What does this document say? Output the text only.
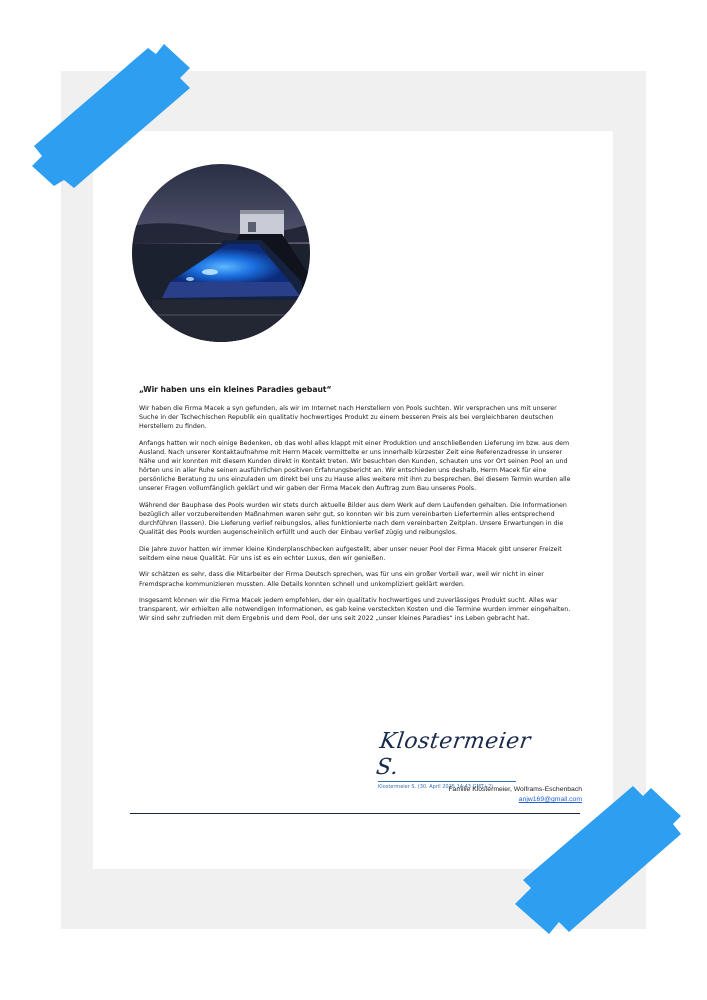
„Wir haben uns ein kleines Paradies gebaut“

Wir haben die Firma Macek a syn gefunden, als wir im Internet nach Herstellern von Pools suchten. Wir versprachen uns mit unserer Suche in der Tschechischen Republik ein qualitativ hochwertiges Produkt zu einem besseren Preis als bei vergleichbaren deutschen Herstellern zu finden.

Anfangs hatten wir noch einige Bedenken, ob das wohl alles klappt mit einer Produktion und anschließenden Lieferung im bzw. aus dem Ausland. Nach unserer Kontaktaufnahme mit Herrn Macek vermittelte er uns innerhalb kürzester Zeit eine Referenzadresse in unserer Nähe und wir konnten mit diesem Kunden direkt in Kontakt treten. Wir besuchten den Kunden, schauten uns vor Ort seinen Pool an und hörten uns in aller Ruhe seinen ausführlichen positiven Erfahrungsbericht an. Wir entschieden uns deshalb, Herrn Macek für eine persönliche Beratung zu uns einzuladen um direkt bei uns zu Hause alles weitere mit ihm zu besprechen. Bei diesem Termin wurden alle unserer Fragen vollumfänglich geklärt und wir gaben der Firma Macek den Auftrag zum Bau unseres Pools.

Während der Bauphase des Pools wurden wir stets durch aktuelle Bilder aus dem Werk auf dem Laufenden gehalten. Die Informationen bezüglich aller vorzubereitenden Maßnahmen waren sehr gut, so konnten wir bis zum vereinbarten Liefertermin alles entsprechend durchführen (lassen). Die Lieferung verlief reibungslos, alles funktionierte nach dem vereinbarten Zeitplan. Unsere Erwartungen in die Qualität des Pools wurden augenscheinlich erfüllt und auch der Einbau verlief zügig und reibungslos.

Die Jahre zuvor hatten wir immer kleine Kinderplanschbecken aufgestellt, aber unser neuer Pool der Firma Macek gibt unserer Freizeit seitdem eine neue Qualität. Für uns ist es ein echter Luxus, den wir genießen.

Wir schätzen es sehr, dass die Mitarbeiter der Firma Deutsch sprechen, was für uns ein großer Vorteil war, weil wir nicht in einer Fremdsprache kommunizieren mussten. Alle Details konnten schnell und unkompliziert geklärt werden.

Insgesamt können wir die Firma Macek jedem empfehlen, der ein qualitativ hochwertiges und zuverlässiges Produkt sucht. Alles war transparent, wir erhielten alle notwendigen Informationen, es gab keine versteckten Kosten und die Termine wurden immer eingehalten. Wir sind sehr zufrieden mit dem Ergebnis und dem Pool, der uns seit 2022 „unser kleines Paradies“ ins Leben gebracht hat.

Klostermeier S.
Klostermeier S. (30. April 2025 14:43 GMT+2)
Familie Klostermeier, Wolframs-Eschenbach
anjw169@gmail.com
